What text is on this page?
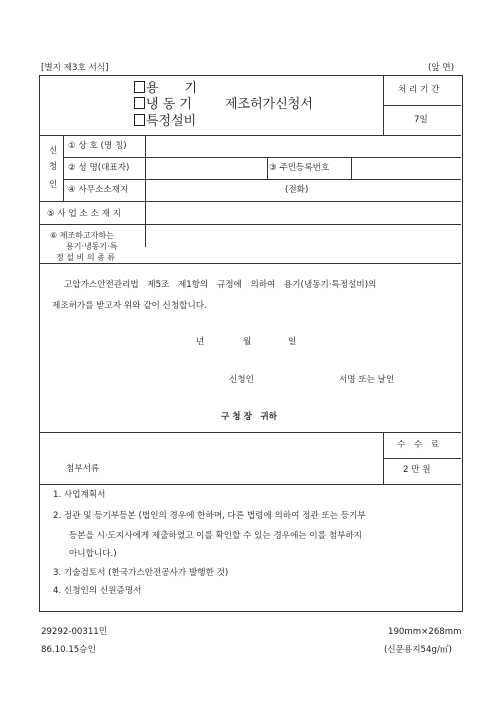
[별지 제3호 서식]	(앞 면)
용　　기
냉 동 기
특정설비
제조허가신청서
처 리 기 간
7일
신
청
인
① 상 호 (명 칭)
② 성 명(대표자)	③ 주민등록번호
④ 사무소소재지	(전화)
⑤ 사 업 소 소 재 지
⑥ 제조하고자하는
용기·냉동기·특
정 설 비 의 종 류
고압가스안전관리법　제5조　제1항의　규정에　의하여　용기(냉동기·특정설비)의
제조허가를 받고자 위와 같이 신청합니다.
년	월	일
신청인	서명 또는 날인
구 청 장　귀하
수　수　료
2 만 원
첨부서류
1. 사업계획서
2. 정관 및 등기부등본 (법인의 경우에 한하며, 다른 법령에 의하여 정관 또는 등기부
등본을 시·도지사에게 제출하였고 이를 확인할 수 있는 경우에는 이를 첨부하지
아니합니다.)
3. 기술검토서 (한국가스안전공사가 발행한 것)
4. 신청인의 신원증명서
29292-00311민
86.10.15승인
190mm×268mm
(신문용지54g/㎡)
